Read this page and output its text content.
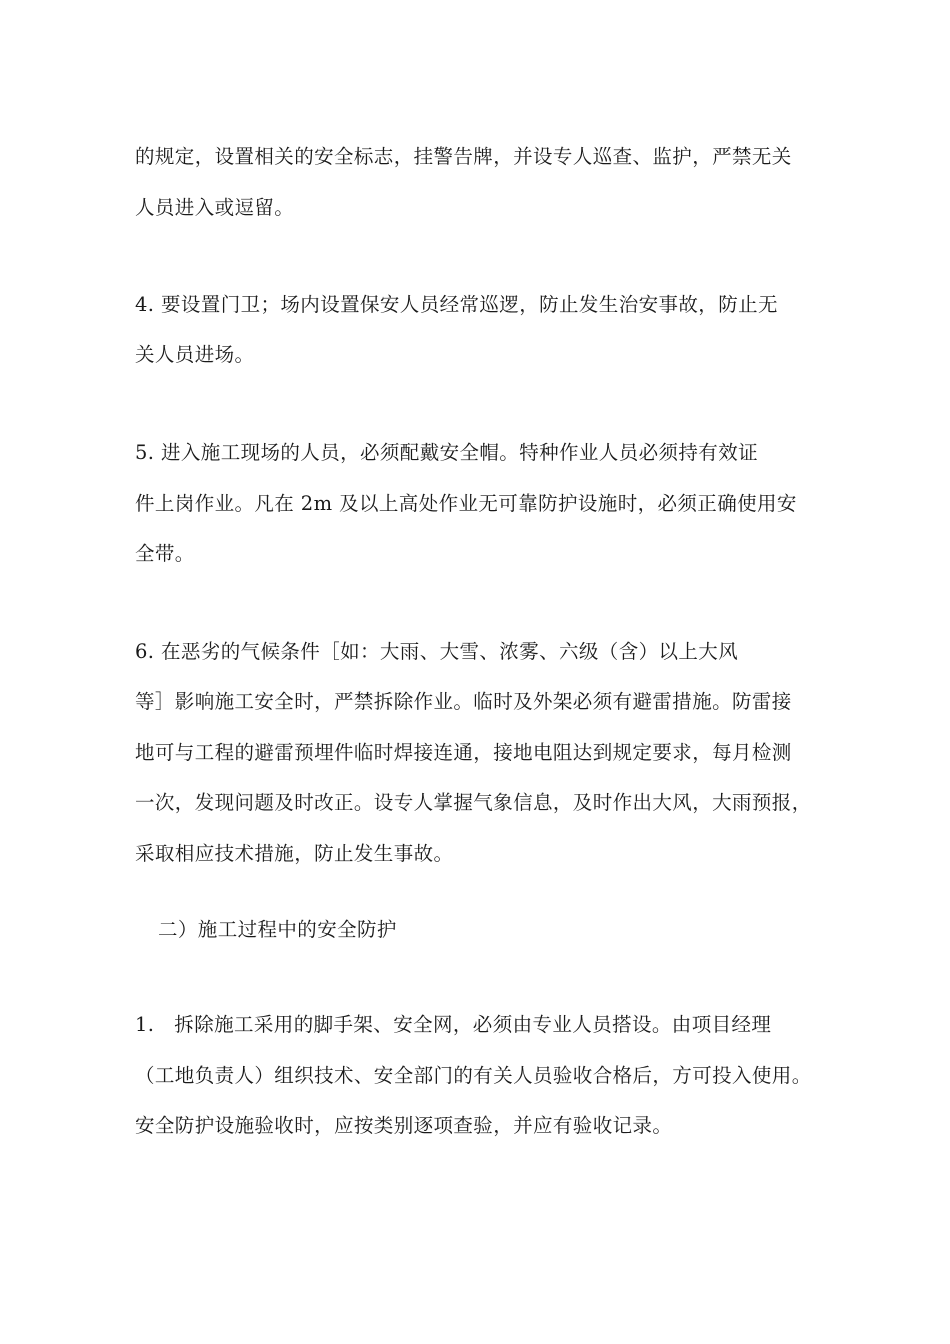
的规定，设置相关的安全标志，挂警告牌，并设专人巡查、监护，严禁无关
人员进入或逗留。
4. 要设置门卫；场内设置保安人员经常巡逻，防止发生治安事故，防止无
关人员进场。
5. 进入施工现场的人员，必须配戴安全帽。特种作业人员必须持有效证
件上岗作业。凡在 2m 及以上高处作业无可靠防护设施时，必须正确使用安
全带。
6. 在恶劣的气候条件［如：大雨、大雪、浓雾、六级（含）以上大风
等］影响施工安全时，严禁拆除作业。临时及外架必须有避雷措施。防雷接
地可与工程的避雷预埋件临时焊接连通，接地电阻达到规定要求，每月检测
一次，发现问题及时改正。设专人掌握气象信息，及时作出大风，大雨预报，
采取相应技术措施，防止发生事故。
二）施工过程中的安全防护
1.　拆除施工采用的脚手架、安全网，必须由专业人员搭设。由项目经理
（工地负责人）组织技术、安全部门的有关人员验收合格后，方可投入使用。
安全防护设施验收时，应按类别逐项查验，并应有验收记录。
